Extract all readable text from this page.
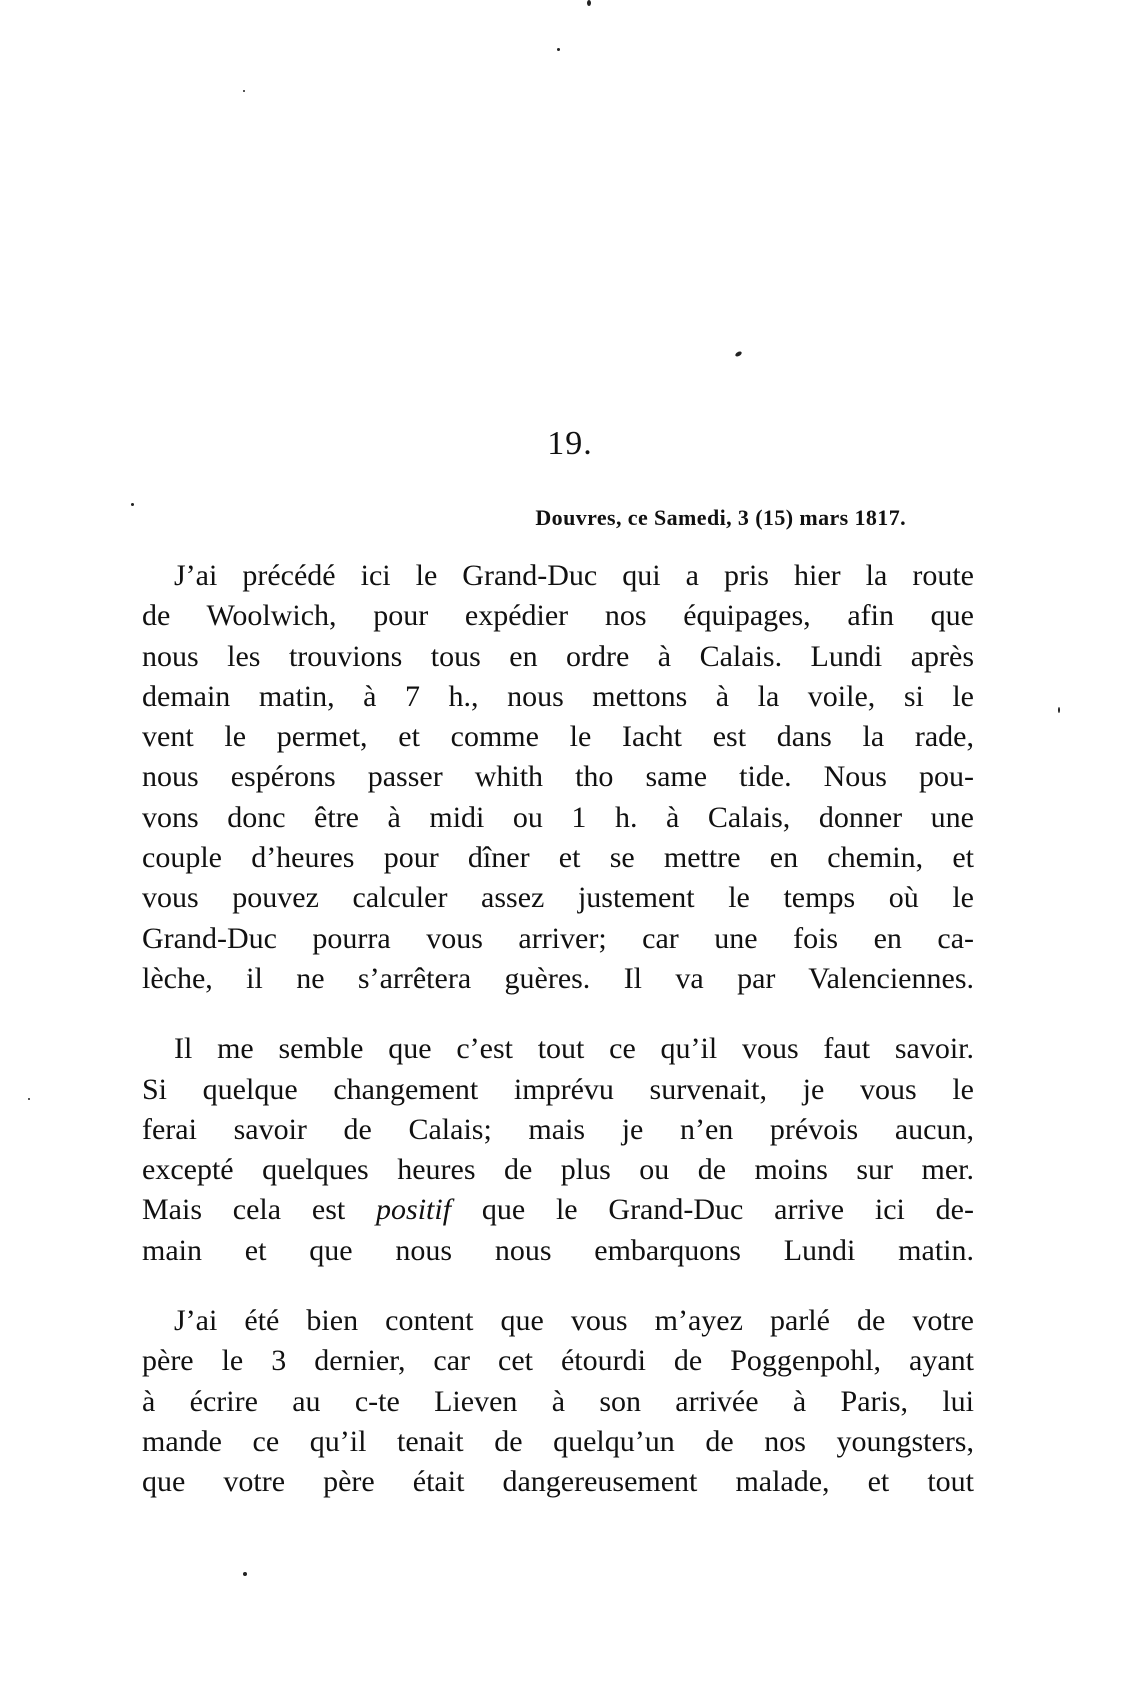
19.
Douvres, ce Samedi, 3 (15) mars 1817.
J’ai précédé ici le Grand-Duc qui a pris hier la route
de Woolwich, pour expédier nos équipages, afin que
nous les trouvions tous en ordre à Calais. Lundi après
demain matin, à 7 h., nous mettons à la voile, si le
vent le permet, et comme le Iacht est dans la rade,
nous espérons passer whith tho same tide. Nous pou-
vons donc être à midi ou 1 h. à Calais, donner une
couple d’heures pour dîner et se mettre en chemin, et
vous pouvez calculer assez justement le temps où le
Grand-Duc pourra vous arriver; car une fois en ca-
lèche, il ne s’arrêtera guères. Il va par Valenciennes.
Il me semble que c’est tout ce qu’il vous faut savoir.
Si quelque changement imprévu survenait, je vous le
ferai savoir de Calais; mais je n’en prévois aucun,
excepté quelques heures de plus ou de moins sur mer.
Mais cela est positif que le Grand-Duc arrive ici de-
main et que nous nous embarquons Lundi matin.
J’ai été bien content que vous m’ayez parlé de votre
père le 3 dernier, car cet étourdi de Poggenpohl, ayant
à écrire au c-te Lieven à son arrivée à Paris, lui
mande ce qu’il tenait de quelqu’un de nos youngsters,
que votre père était dangereusement malade, et tout
